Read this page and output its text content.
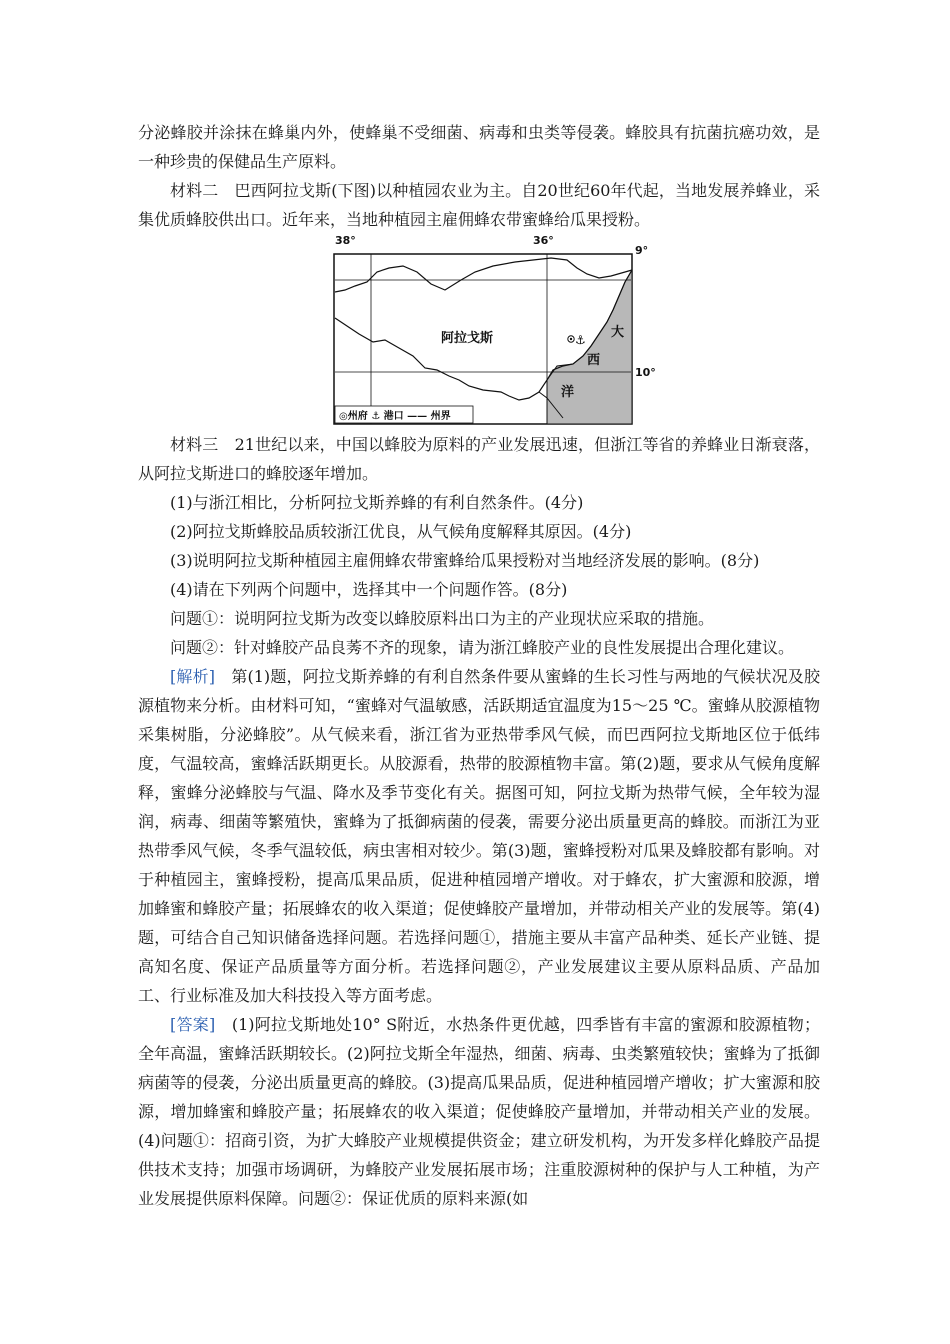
分泌蜂胶并涂抹在蜂巢内外，使蜂巢不受细菌、病毒和虫类等侵袭。蜂胶具有抗菌抗癌功效，是一种珍贵的保健品生产原料。

材料二　巴西阿拉戈斯(下图)以种植园农业为主。自20世纪60年代起，当地发展养蜂业，采集优质蜂胶供出口。近年来，当地种植园主雇佣蜂农带蜜蜂给瓜果授粉。

⚓
38°	36°
9°
10°
阿拉戈斯	大
西
洋
◎州府 ⚓ 港口 —— 州界

材料三　21世纪以来，中国以蜂胶为原料的产业发展迅速，但浙江等省的养蜂业日渐衰落，从阿拉戈斯进口的蜂胶逐年增加。

(1)与浙江相比，分析阿拉戈斯养蜂的有利自然条件。(4分)

(2)阿拉戈斯蜂胶品质较浙江优良，从气候角度解释其原因。(4分)

(3)说明阿拉戈斯种植园主雇佣蜂农带蜜蜂给瓜果授粉对当地经济发展的影响。(8分)

(4)请在下列两个问题中，选择其中一个问题作答。(8分)

问题①：说明阿拉戈斯为改变以蜂胶原料出口为主的产业现状应采取的措施。

问题②：针对蜂胶产品良莠不齐的现象，请为浙江蜂胶产业的良性发展提出合理化建议。

[解析]　第(1)题，阿拉戈斯养蜂的有利自然条件要从蜜蜂的生长习性与两地的气候状况及胶源植物来分析。由材料可知，“蜜蜂对气温敏感，活跃期适宜温度为15～25 ℃。蜜蜂从胶源植物采集树脂，分泌蜂胶”。从气候来看，浙江省为亚热带季风气候，而巴西阿拉戈斯地区位于低纬度，气温较高，蜜蜂活跃期更长。从胶源看，热带的胶源植物丰富。第(2)题，要求从气候角度解释，蜜蜂分泌蜂胶与气温、降水及季节变化有关。据图可知，阿拉戈斯为热带气候，全年较为湿润，病毒、细菌等繁殖快，蜜蜂为了抵御病菌的侵袭，需要分泌出质量更高的蜂胶。而浙江为亚热带季风气候，冬季气温较低，病虫害相对较少。第(3)题，蜜蜂授粉对瓜果及蜂胶都有影响。对于种植园主，蜜蜂授粉，提高瓜果品质，促进种植园增产增收。对于蜂农，扩大蜜源和胶源，增加蜂蜜和蜂胶产量；拓展蜂农的收入渠道；促使蜂胶产量增加，并带动相关产业的发展等。第(4)题，可结合自己知识储备选择问题。若选择问题①，措施主要从丰富产品种类、延长产业链、提高知名度、保证产品质量等方面分析。若选择问题②，产业发展建议主要从原料品质、产品加工、行业标准及加大科技投入等方面考虑。

[答案]　(1)阿拉戈斯地处10° S附近，水热条件更优越，四季皆有丰富的蜜源和胶源植物；全年高温，蜜蜂活跃期较长。(2)阿拉戈斯全年湿热，细菌、病毒、虫类繁殖较快；蜜蜂为了抵御病菌等的侵袭，分泌出质量更高的蜂胶。(3)提高瓜果品质，促进种植园增产增收；扩大蜜源和胶源，增加蜂蜜和蜂胶产量；拓展蜂农的收入渠道；促使蜂胶产量增加，并带动相关产业的发展。(4)问题①：招商引资，为扩大蜂胶产业规模提供资金；建立研发机构，为开发多样化蜂胶产品提供技术支持；加强市场调研，为蜂胶产业发展拓展市场；注重胶源树种的保护与人工种植，为产业发展提供原料保障。问题②：保证优质的原料来源(如
